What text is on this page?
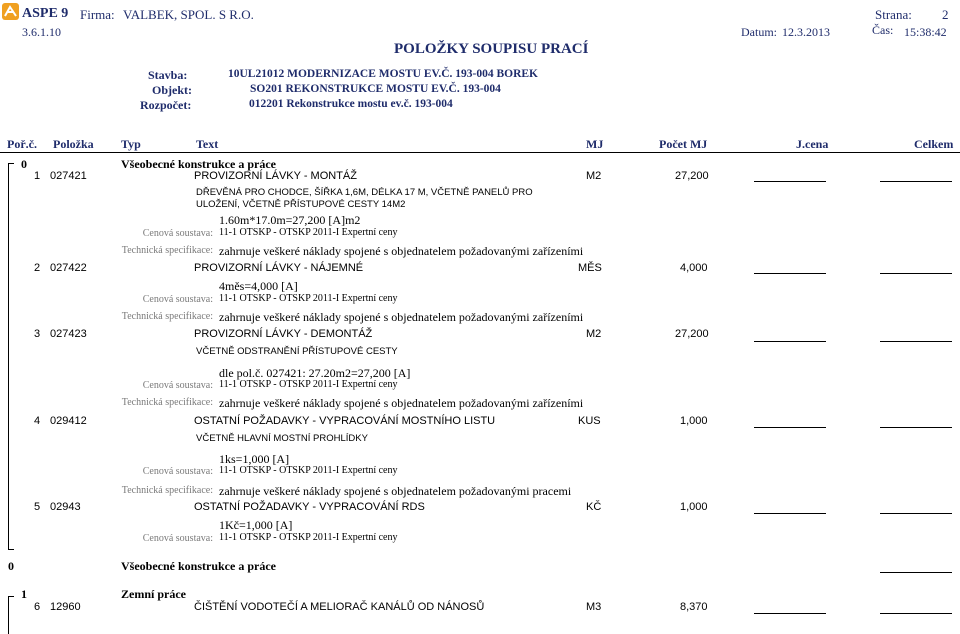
ASPE 9 Firma: VALBEK, SPOL. S R.O.	Strana: 2
3.6.1.10	Datum: 12.3.2013	Čas: 15:38:42
POLOŽKY SOUPISU PRACÍ
Stavba:	10UL21012 MODERNIZACE MOSTU EV.Č. 193-004 BOREK
Objekt:	SO201 REKONSTRUKCE MOSTU EV.Č. 193-004
Rozpočet:	012201 Rekonstrukce mostu ev.č. 193-004
Poř.č. Položka Typ	Text	MJ	Počet MJ	J.cena	Celkem
0	Všeobecné konstrukce a práce
1 027421	PROVIZORNÍ LÁVKY - MONTÁŽ	M2	27,200
DŘEVĚNÁ PRO CHODCE, ŠÍŘKA 1,6M, DÉLKA 17 M, VČETNĚ PANELŮ PRO
ULOŽENÍ, VČETNĚ PŘÍSTUPOVÉ CESTY 14M2
1.60m*17.0m=27,200 [A]m2
Cenová soustava: 11-1 OTSKP - OTSKP 2011-I Expertní ceny
Technická specifikace: zahrnuje veškeré náklady spojené s objednatelem požadovanými zařízeními
2 027422	PROVIZORNÍ LÁVKY - NÁJEMNÉ	MĚS	4,000
4měs=4,000 [A]
Cenová soustava: 11-1 OTSKP - OTSKP 2011-I Expertní ceny
Technická specifikace: zahrnuje veškeré náklady spojené s objednatelem požadovanými zařízeními
3 027423	PROVIZORNÍ LÁVKY - DEMONTÁŽ	M2	27,200
VČETNĚ ODSTRANĚNÍ PŘÍSTUPOVÉ CESTY
dle pol.č. 027421: 27.20m2=27,200 [A]
Cenová soustava: 11-1 OTSKP - OTSKP 2011-I Expertní ceny
Technická specifikace: zahrnuje veškeré náklady spojené s objednatelem požadovanými zařízeními
4 029412	OSTATNÍ POŽADAVKY - VYPRACOVÁNÍ MOSTNÍHO LISTU	KUS	1,000
VČETNĚ HLAVNÍ MOSTNÍ PROHLÍDKY
1ks=1,000 [A]
Cenová soustava: 11-1 OTSKP - OTSKP 2011-I Expertní ceny
Technická specifikace: zahrnuje veškeré náklady spojené s objednatelem požadovanými pracemi
5 02943	OSTATNÍ POŽADAVKY - VYPRACOVÁNÍ RDS	KČ	1,000
1Kč=1,000 [A]
Cenová soustava: 11-1 OTSKP - OTSKP 2011-I Expertní ceny
0	Všeobecné konstrukce a práce
1	Zemní práce
6 12960	ČIŠTĚNÍ VODOTEČÍ A MELIORAČ KANÁLŮ OD NÁNOSŮ	M3	8,370
